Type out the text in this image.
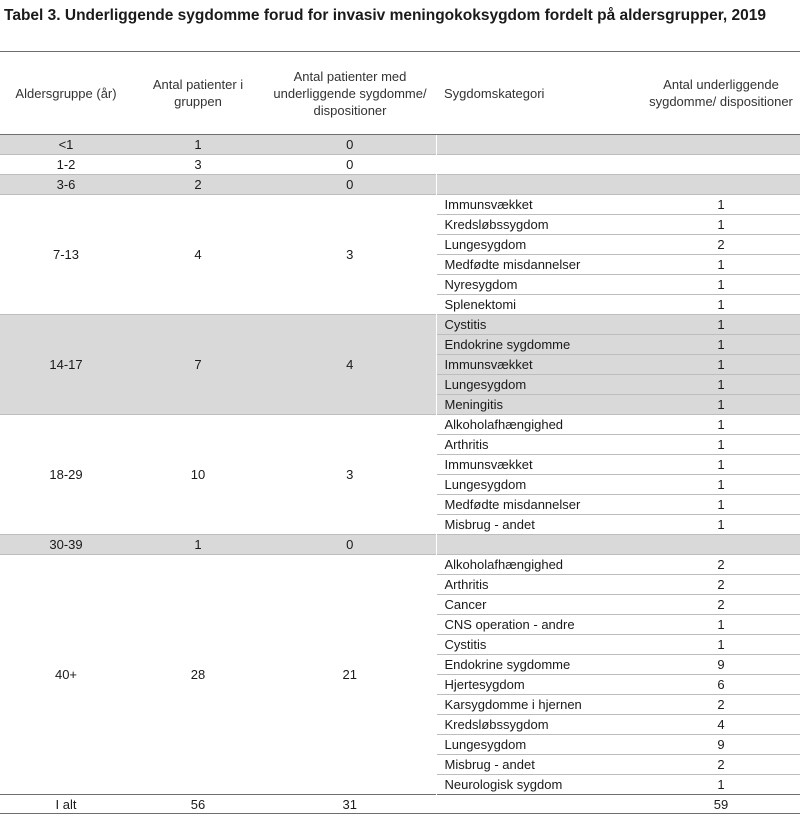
Tabel 3. Underliggende sygdomme forud for invasiv meningokoksygdom fordelt på aldersgrupper, 2019
Aldersgruppe (år)	Antal patienter i gruppen	Antal patienter med underliggende sygdomme/ dispositioner	Sygdomskategori	Antal underliggende sygdomme/ dispositioner
<1	1	0		
1-2	3	0		
3-6	2	0		
7-13	4	3	Immunsvækket	1
			Kredsløbssygdom	1
			Lungesygdom	2
			Medfødte misdannelser	1
			Nyresygdom	1
			Splenektomi	1
14-17	7	4	Cystitis	1
			Endokrine sygdomme	1
			Immunsvækket	1
			Lungesygdom	1
			Meningitis	1
18-29	10	3	Alkoholafhængighed	1
			Arthritis	1
			Immunsvækket	1
			Lungesygdom	1
			Medfødte misdannelser	1
			Misbrug - andet	1
30-39	1	0		
40+	28	21	Alkoholafhængighed	2
			Arthritis	2
			Cancer	2
			CNS operation - andre	1
			Cystitis	1
			Endokrine sygdomme	9
			Hjertesygdom	6
			Karsygdomme i hjernen	2
			Kredsløbssygdom	4
			Lungesygdom	9
			Misbrug - andet	2
			Neurologisk sygdom	1
I alt	56	31		59
